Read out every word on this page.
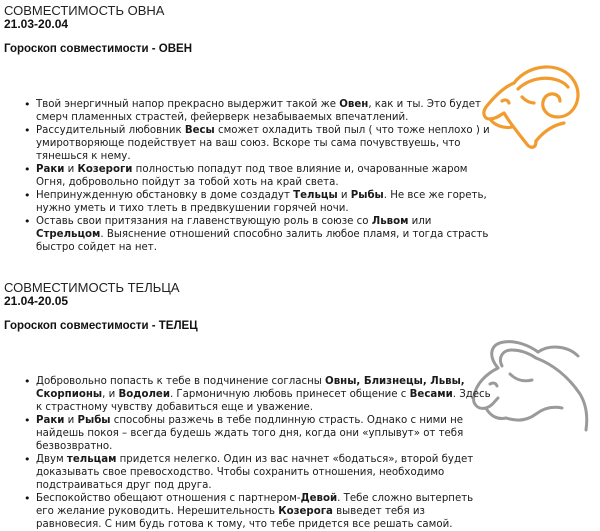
СОВМЕСТИМОСТЬ ОВНА
21.03-20.04
Гороскоп совместимости - ОВЕН
• Твой энергичный напор прекрасно выдержит такой же Овен, как и ты. Это будет смерч пламенных страстей, фейерверк незабываемых впечатлений.
• Рассудительный любовник Весы сможет охладить твой пыл ( что тоже неплохо ) и умиротворяюще подействует на ваш союз. Вскоре ты сама почувствуешь, что тянешься к нему.
• Раки и Козероги полностью попадут под твое влияние и, очарованные жаром Огня, добровольно пойдут за тобой хоть на край света.
• Непринужденную обстановку в доме создадут Тельцы и Рыбы. Не все же гореть, нужно уметь и тихо тлеть в предвкушении горячей ночи.
• Оставь свои притязания на главенствующую роль в союзе со Львом или Стрельцом. Выяснение отношений способно залить любое пламя, и тогда страсть быстро сойдет на нет.
СОВМЕСТИМОСТЬ ТЕЛЬЦА
21.04-20.05
Гороскоп совместимости - ТЕЛЕЦ
• Добровольно попасть к тебе в подчинение согласны Овны, Близнецы, Львы, Скорпионы, и Водолеи. Гармоничную любовь принесет общение с Весами. Здесь к страстному чувству добавиться еще и уважение.
• Раки и Рыбы способны разжечь в тебе подлинную страсть. Однако с ними не найдешь покоя – всегда будешь ждать того дня, когда они «уплывут» от тебя безвозвратно.
• Двум тельцам придется нелегко. Один из вас начнет «бодаться», второй будет доказывать свое превосходство. Чтобы сохранить отношения, необходимо подстраиваться друг под друга.
• Беспокойство обещают отношения с партнером-Девой. Тебе сложно вытерпеть его желание руководить. Нерешительность Козерога выведет тебя из равновесия. С ним будь готова к тому, что тебе придется все решать самой.
